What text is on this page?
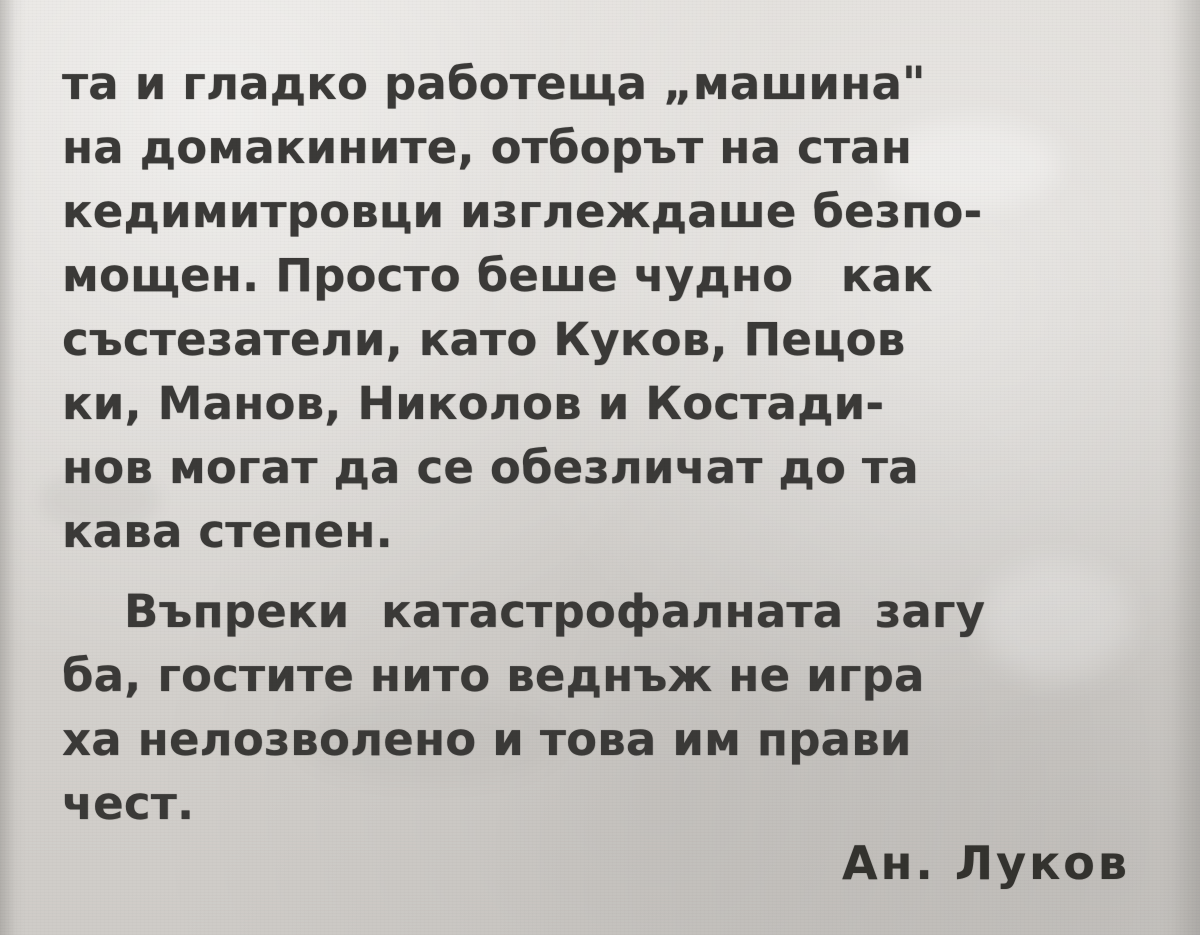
та и гладко работеща „машина"
на домакините, отборът на стан
кедимитровци изглеждаше безпо-
мощен. Просто беше чудно   как
състезатели, като Куков, Пецов
ки, Манов, Николов и Костади-
нов могат да се обезличат до та
кава степен.
Въпреки  катастрофалната  загу
ба, гостите нито веднъж не игра
ха нелозволено и това им прави
чест.
Ан. Луков
